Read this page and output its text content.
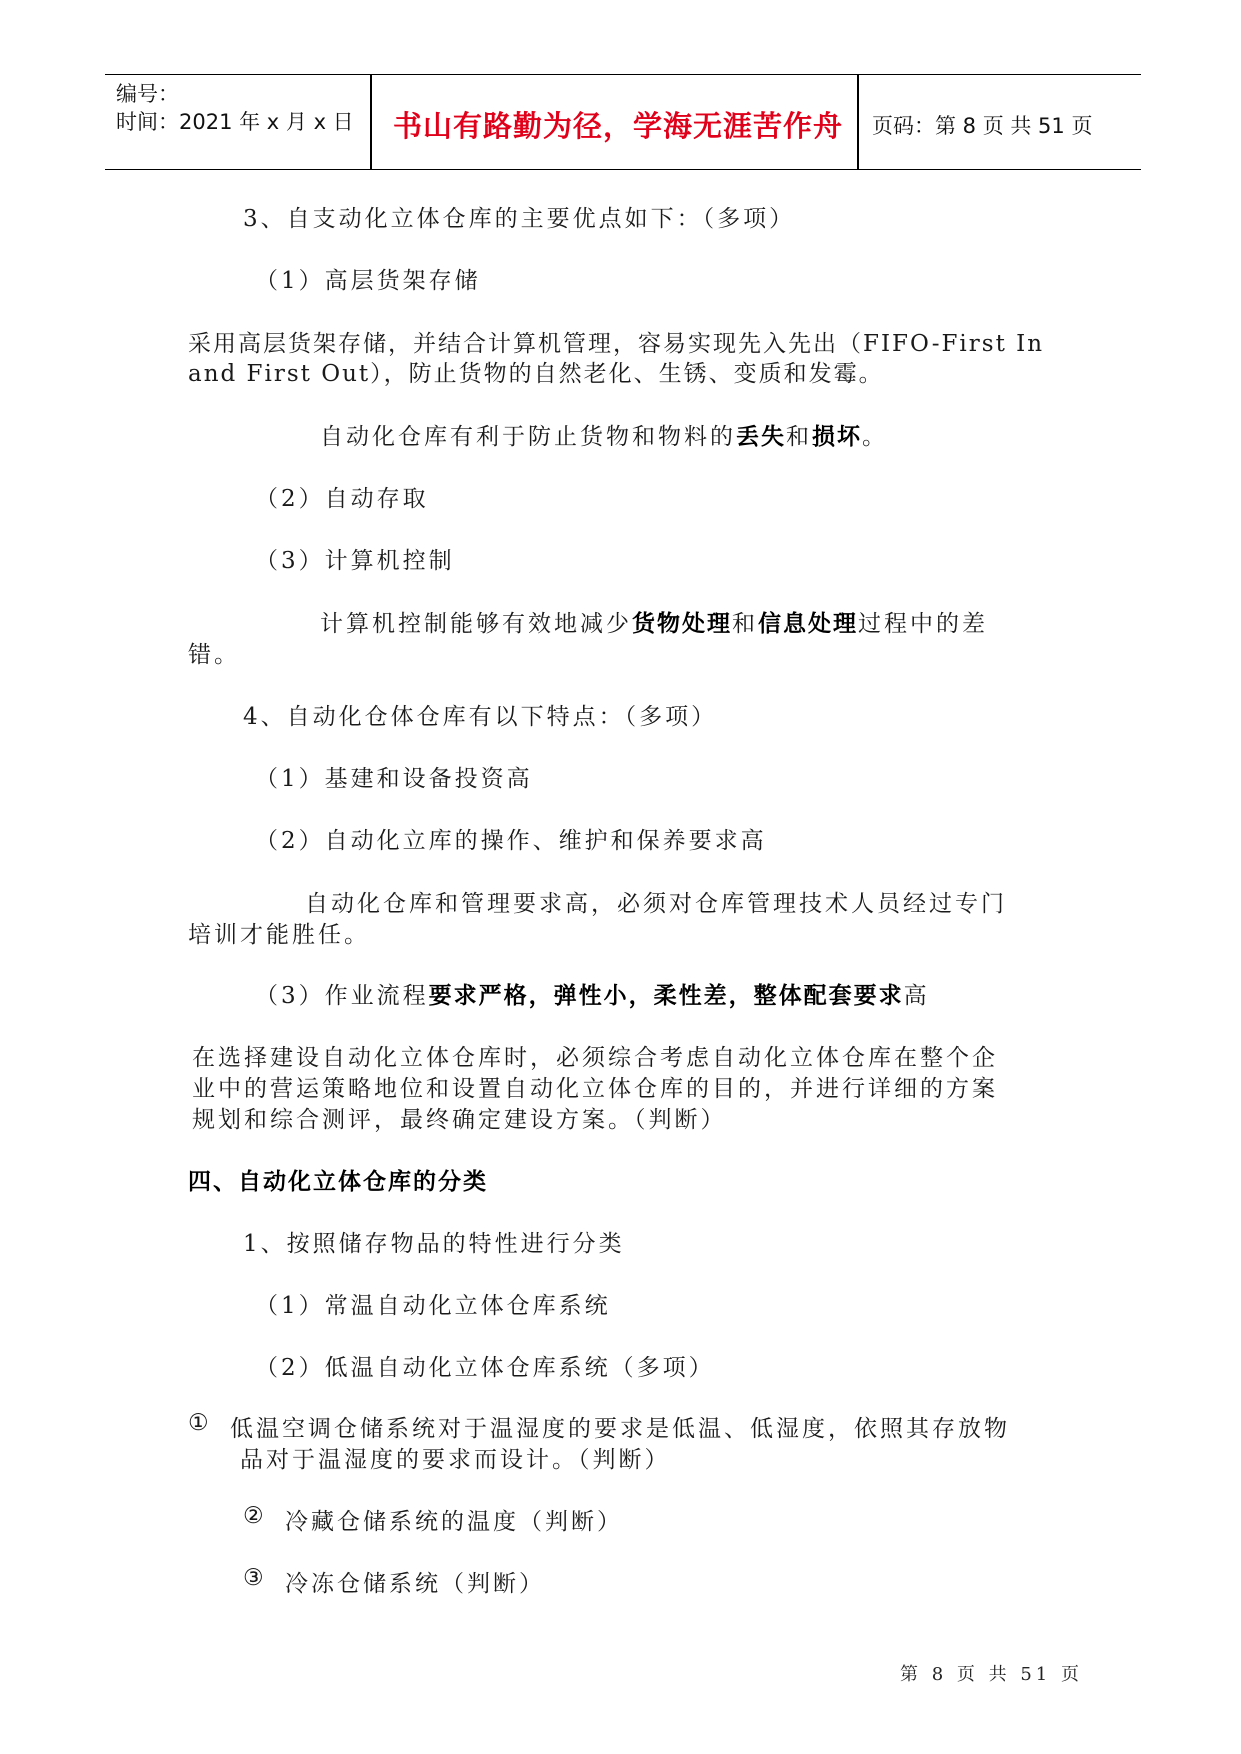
编号：
时间：2021 年 x 月 x 日 书山有路勤为径，学海无涯苦作舟 页码：第 8 页 共 51 页
3、自支动化立体仓库的主要优点如下：（多项）
（1）高层货架存储
采用高层货架存储，并结合计算机管理，容易实现先入先出（FIFO-First In
and First Out），防止货物的自然老化、生锈、变质和发霉。
自动化仓库有利于防止货物和物料的丢失和损坏。
（2）自动存取
（3）计算机控制
计算机控制能够有效地减少货物处理和信息处理过程中的差
错。
4、自动化仓体仓库有以下特点：（多项）
（1）基建和设备投资高
（2）自动化立库的操作、维护和保养要求高
自动化仓库和管理要求高，必须对仓库管理技术人员经过专门
培训才能胜任。
（3）作业流程要求严格，弹性小，柔性差，整体配套要求高
在选择建设自动化立体仓库时，必须综合考虑自动化立体仓库在整个企
业中的营运策略地位和设置自动化立体仓库的目的，并进行详细的方案
规划和综合测评，最终确定建设方案。（判断）
四、自动化立体仓库的分类
1、按照储存物品的特性进行分类
（1）常温自动化立体仓库系统
（2）低温自动化立体仓库系统（多项）
① 低温空调仓储系统对于温湿度的要求是低温、低湿度，依照其存放物
品对于温湿度的要求而设计。（判断）
② 冷藏仓储系统的温度（判断）
③ 冷冻仓储系统（判断）
第 8 页 共 51 页
